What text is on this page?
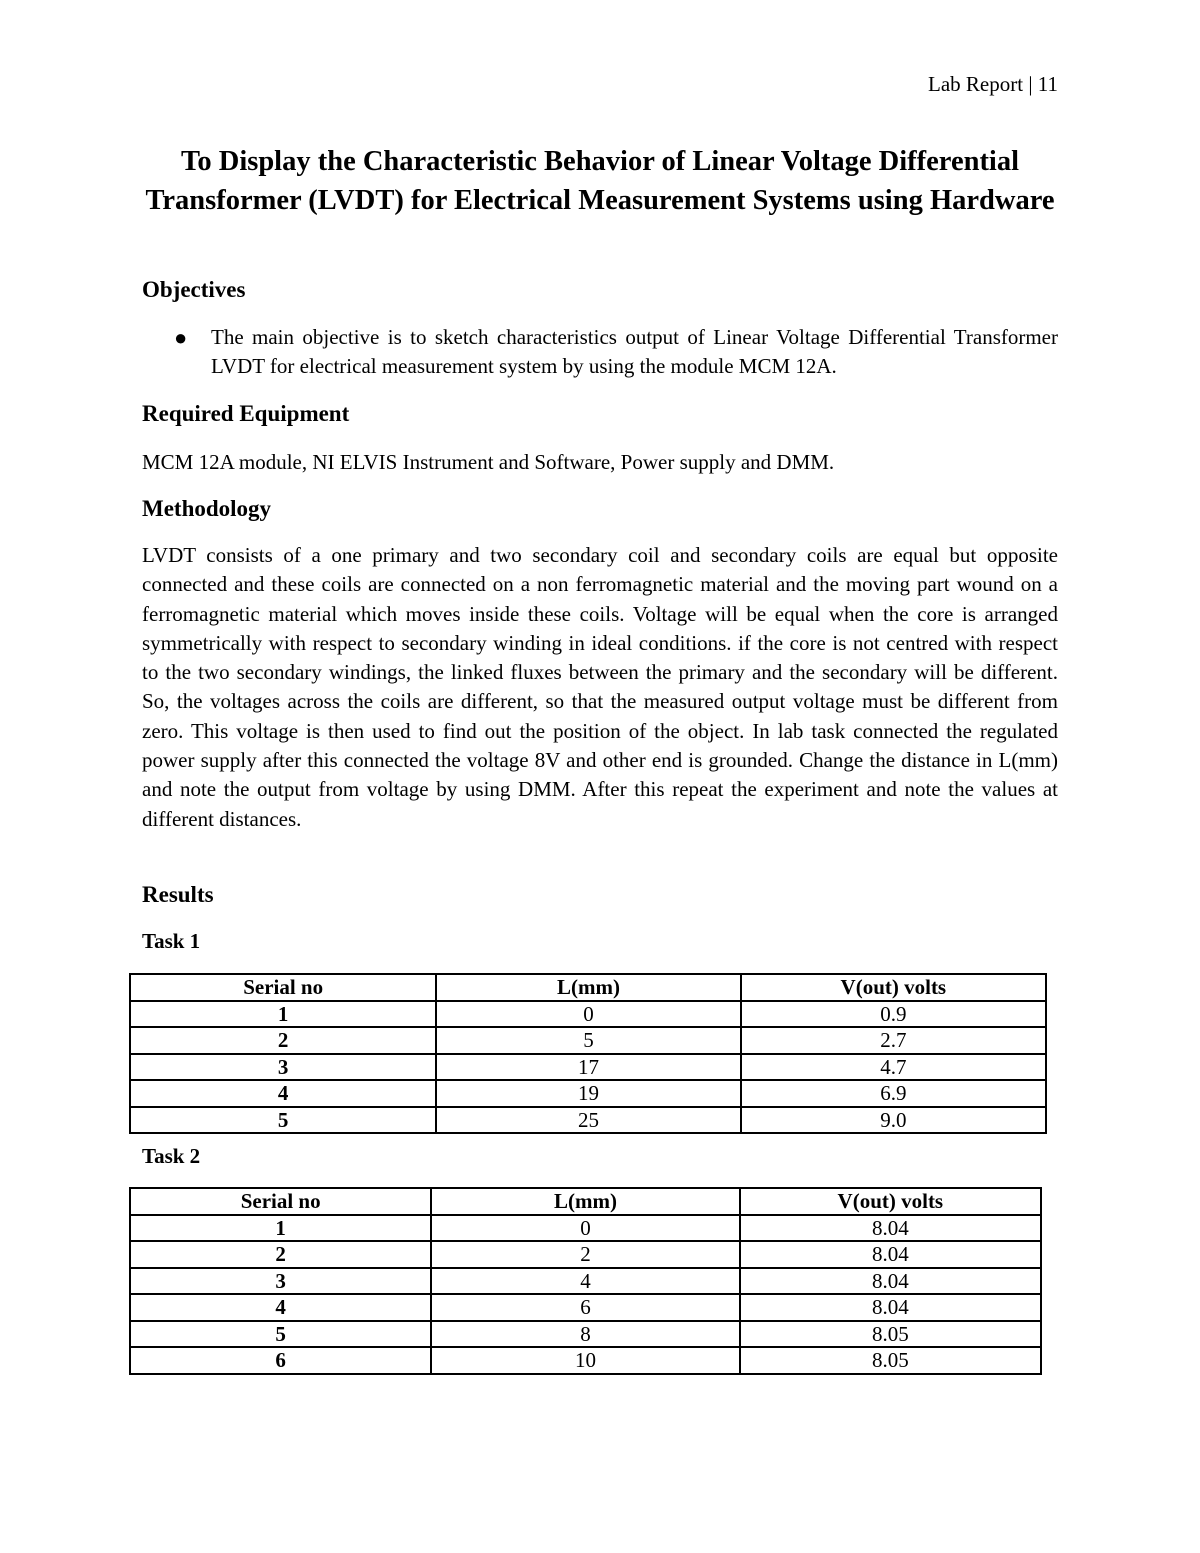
Lab Report | 11
To Display the Characteristic Behavior of Linear Voltage Differential Transformer (LVDT) for Electrical Measurement Systems using Hardware
Objectives
● The main objective is to sketch characteristics output of Linear Voltage Differential Transformer LVDT for electrical measurement system by using the module MCM 12A.
Required Equipment

MCM 12A module, NI ELVIS Instrument and Software, Power supply and DMM.

Methodology

LVDT consists of a one primary and two secondary coil and secondary coils are equal but opposite connected and these coils are connected on a non ferromagnetic material and the moving part wound on a ferromagnetic material which moves inside these coils. Voltage will be equal when the core is arranged symmetrically with respect to secondary winding in ideal conditions. if the core is not centred with respect to the two secondary windings, the linked fluxes between the primary and the secondary will be different. So, the voltages across the coils are different, so that the measured output voltage must be different from zero. This voltage is then used to find out the position of the object. In lab task connected the regulated power supply after this connected the voltage 8V and other end is grounded. Change the distance in L(mm) and note the output from voltage by using DMM. After this repeat the experiment and note the values at different distances.

Results
Task 1
Serial no	L(mm)	V(out) volts
1	0	0.9
2	5	2.7
3	17	4.7
4	19	6.9
5	25	9.0
Task 2
Serial no	L(mm)	V(out) volts
1	0	8.04
2	2	8.04
3	4	8.04
4	6	8.04
5	8	8.05
6	10	8.05
